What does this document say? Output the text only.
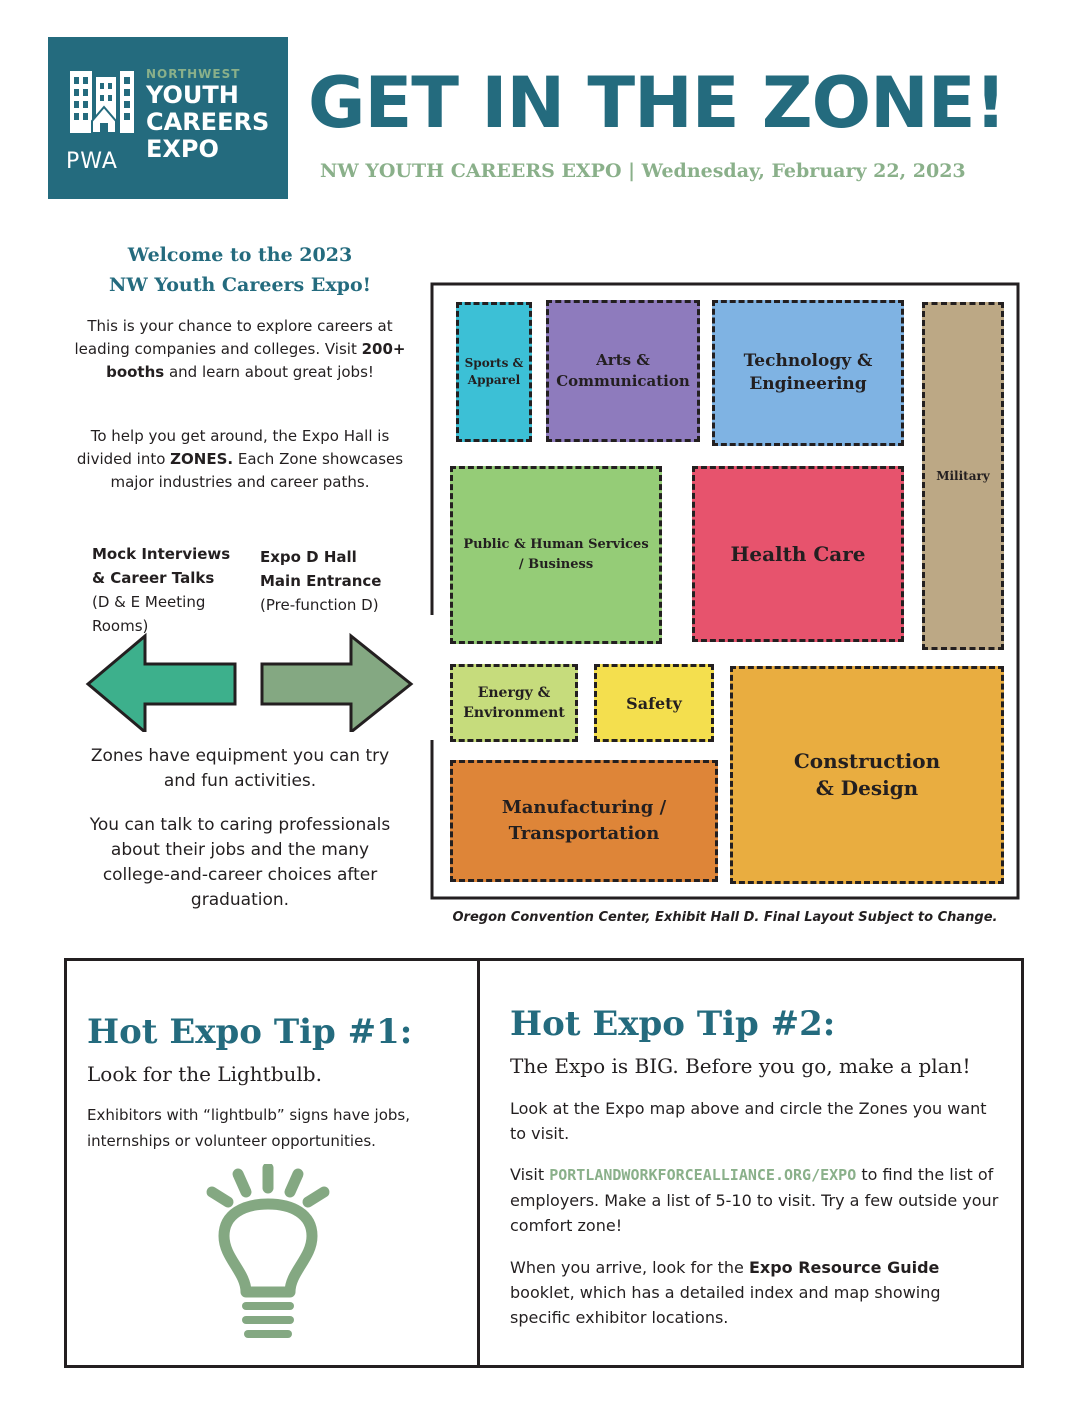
PWA
NORTHWEST
YOUTH
CAREERS
EXPO
GET IN THE ZONE!
NW YOUTH CAREERS EXPO | Wednesday, February 22, 2023
Welcome to the 2023
NW Youth Careers Expo!
This is your chance to explore careers at leading companies and colleges. Visit 200+ booths and learn about great jobs!
To help you get around, the Expo Hall is divided into ZONES. Each Zone showcases major industries and career paths.
Mock Interviews
& Career Talks
(D & E Meeting
Rooms)
Expo D Hall
Main Entrance
(Pre-function D)
Zones have equipment you can try and fun activities.
You can talk to caring professionals about their jobs and the many college-and-career choices after graduation.
Sports &
Apparel
Arts &
Communication
Technology &
Engineering
Military
Public & Human Services
/ Business	Health Care
Energy &
Environment
Safety
Construction
& Design
Manufacturing /
Transportation
Oregon Convention Center, Exhibit Hall D. Final Layout Subject to Change.
Hot Expo Tip #1:
Look for the Lightbulb.
Exhibitors with “lightbulb” signs have jobs,
internships or volunteer opportunities.
Hot Expo Tip #2:
The Expo is BIG. Before you go, make a plan!
Look at the Expo map above and circle the Zones you want to visit.
Visit PORTLANDWORKFORCEALLIANCE.ORG/EXPO to find the list of employers. Make a list of 5-10 to visit. Try a few outside your comfort zone!
When you arrive, look for the Expo Resource Guide booklet, which has a detailed index and map showing specific exhibitor locations.
